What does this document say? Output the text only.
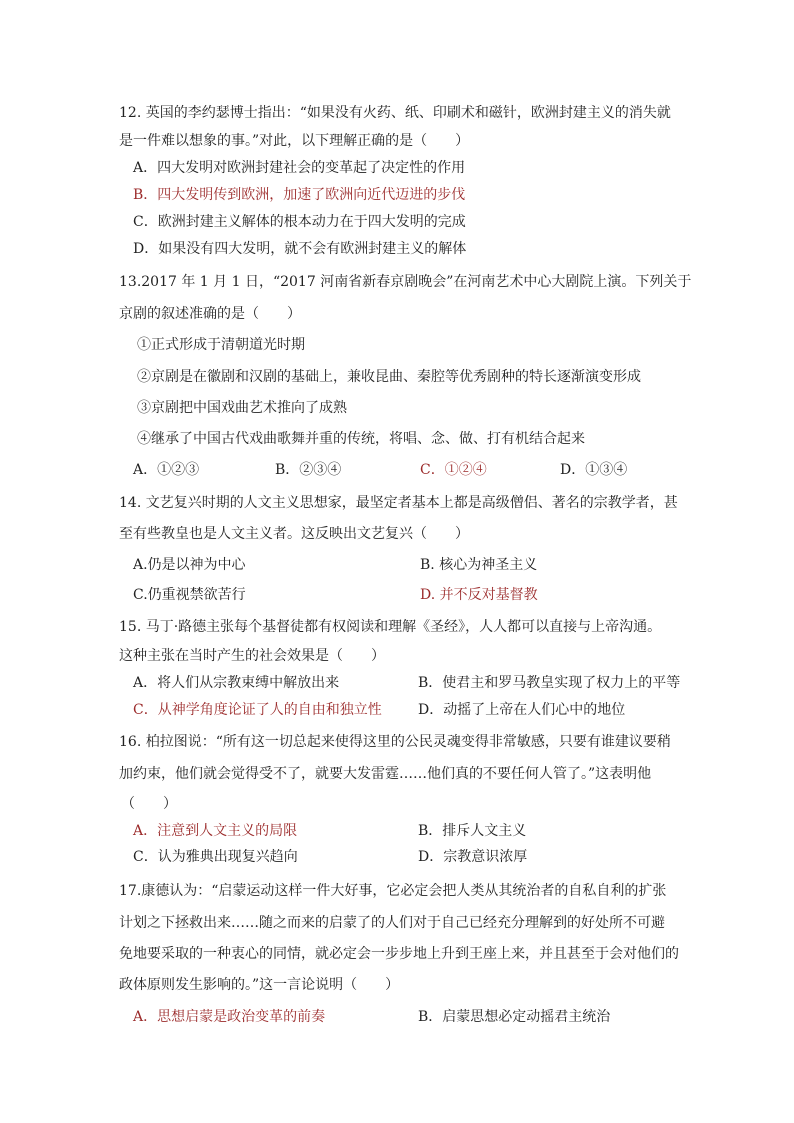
12. 英国的李约瑟博士指出：“如果没有火药、纸、印刷术和磁针，欧洲封建主义的消失就
是一件难以想象的事。”对此，以下理解正确的是（　　）
A．四大发明对欧洲封建社会的变革起了决定性的作用
B．四大发明传到欧洲，加速了欧洲向近代迈进的步伐
C．欧洲封建主义解体的根本动力在于四大发明的完成
D．如果没有四大发明，就不会有欧洲封建主义的解体
13.2017 年 1 月 1 日，“2017 河南省新春京剧晚会”在河南艺术中心大剧院上演。下列关于
京剧的叙述准确的是（　　）
①正式形成于清朝道光时期
②京剧是在徽剧和汉剧的基础上，兼收昆曲、秦腔等优秀剧种的特长逐渐演变形成
③京剧把中国戏曲艺术推向了成熟
④继承了中国古代戏曲歌舞并重的传统，将唱、念、做、打有机结合起来
A．①②③	B．②③④	C．①②④	D．①③④
14. 文艺复兴时期的人文主义思想家，最坚定者基本上都是高级僧侣、著名的宗教学者，甚
至有些教皇也是人文主义者。这反映出文艺复兴（　　）
A.仍是以神为中心	B. 核心为神圣主义
C.仍重视禁欲苦行	D. 并不反对基督教
15. 马丁·路德主张每个基督徒都有权阅读和理解《圣经》，人人都可以直接与上帝沟通。
这种主张在当时产生的社会效果是（　　）
A．将人们从宗教束缚中解放出来	B．使君主和罗马教皇实现了权力上的平等
C．从神学角度论证了人的自由和独立性	D．动摇了上帝在人们心中的地位
16. 柏拉图说：“所有这一切总起来使得这里的公民灵魂变得非常敏感，只要有谁建议要稍
加约束，他们就会觉得受不了，就要大发雷霆……他们真的不要任何人管了。”这表明他
（　　）
A．注意到人文主义的局限	B．排斥人文主义
C．认为雅典出现复兴趋向	D．宗教意识浓厚
17.康德认为：“启蒙运动这样一件大好事，它必定会把人类从其统治者的自私自利的扩张
计划之下拯救出来……随之而来的启蒙了的人们对于自己已经充分理解到的好处所不可避
免地要采取的一种衷心的同情，就必定会一步步地上升到王座上来，并且甚至于会对他们的
政体原则发生影响的。”这一言论说明（　　）
A．思想启蒙是政治变革的前奏	B．启蒙思想必定动摇君主统治
